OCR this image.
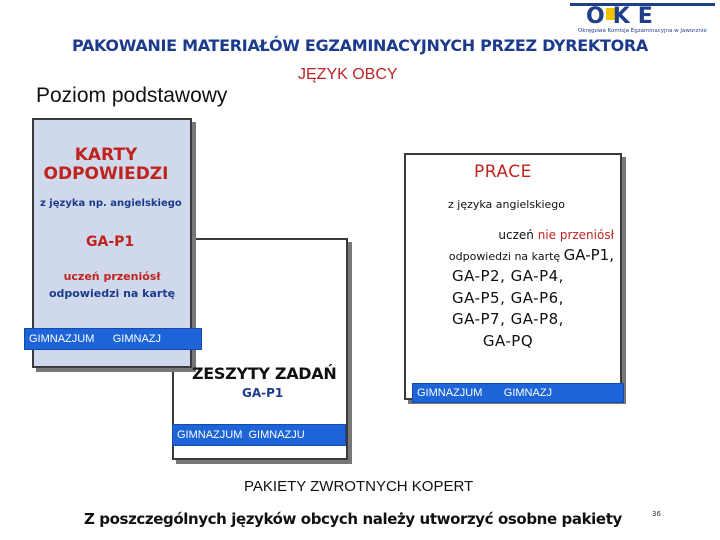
OKE
Okręgowa Komisja Egzaminacyjna w Jaworznie
PAKOWANIE MATERIAŁÓW EGZAMINACYJNYCH PRZEZ DYREKTORA
JĘZYK OBCY
Poziom podstawowy
PRACE
z języka angielskiego
uczeń nie przeniósł
odpowiedzi na kartę GA-P1,
GA-P2, GA-P4,
GA-P5, GA-P6,
GA-P7, GA-P8,
GA-PQ
GIMNAZJUM       GIMNAZJ
KARTY
ODPOWIEDZI
z języka np. angielskiego
GA-P1
uczeń przeniósł
odpowiedzi na kartę
GIMNAZJUM      GIMNAZJ
ZESZYTY ZADAŃ
GA-P1
GIMNAZJUM  GIMNAZJU
PAKIETY ZWROTNYCH KOPERT
Z poszczególnych języków obcych należy utworzyć osobne pakiety	36
